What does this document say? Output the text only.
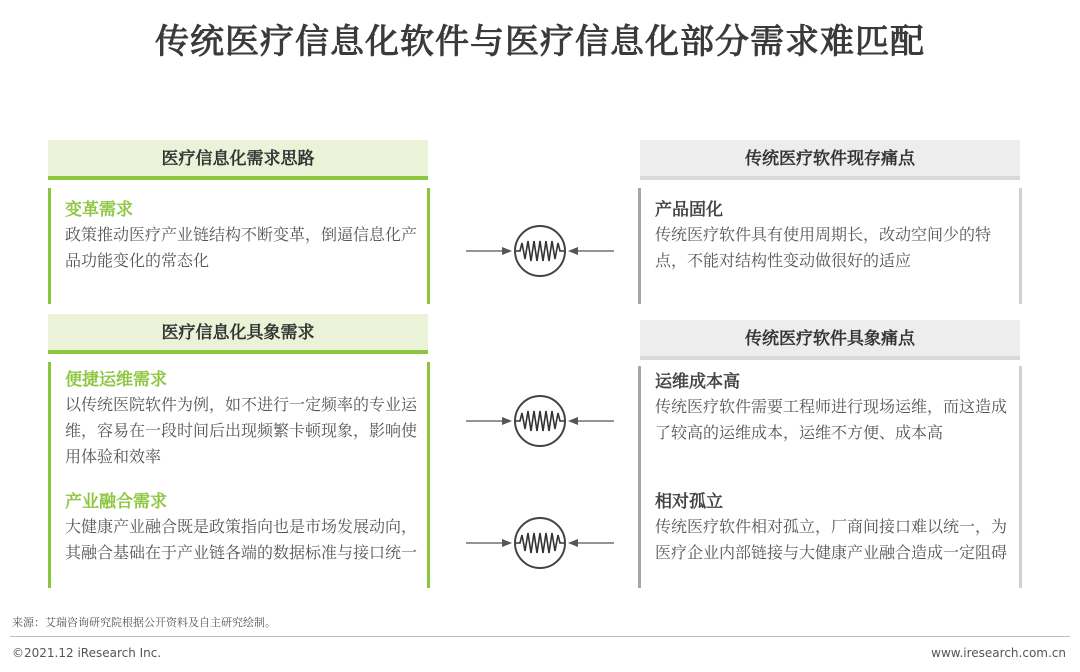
传统医疗信息化软件与医疗信息化部分需求难匹配
医疗信息化需求思路
变革需求
政策推动医疗产业链结构不断变革，倒逼信息化产品功能变化的常态化
医疗信息化具象需求
便捷运维需求
以传统医院软件为例，如不进行一定频率的专业运维，容易在一段时间后出现频繁卡顿现象，影响使用体验和效率
产业融合需求
大健康产业融合既是政策指向也是市场发展动向，其融合基础在于产业链各端的数据标准与接口统一
传统医疗软件现存痛点
产品固化
传统医疗软件具有使用周期长，改动空间少的特点，不能对结构性变动做很好的适应
传统医疗软件具象痛点
运维成本高
传统医疗软件需要工程师进行现场运维，而这造成了较高的运维成本，运维不方便、成本高
相对孤立
传统医疗软件相对孤立，厂商间接口难以统一，为医疗企业内部链接与大健康产业融合造成一定阻碍
来源：艾瑞咨询研究院根据公开资料及自主研究绘制。
©2021.12 iResearch Inc.	www.iresearch.com.cn
